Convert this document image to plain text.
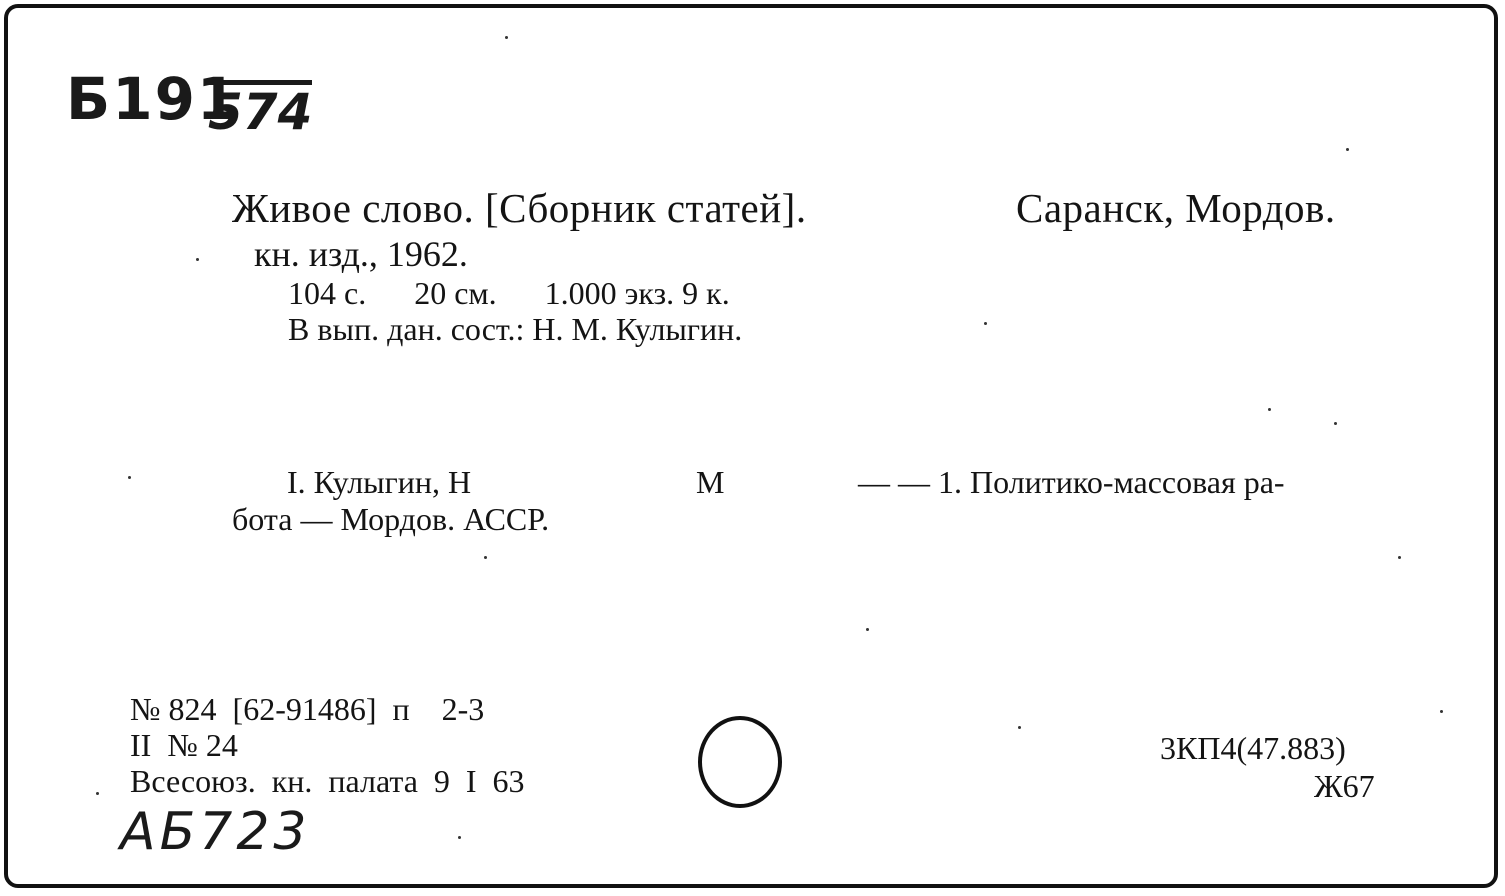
Б191
574
Живое слово. [Сборник статей].	Саранск, Мордов.
кн. изд., 1962.
104 с.      20 см.      1.000 экз. 9 к.
В вып. дан. сост.: Н. М. Кулыгин.
I. Кулыгин, Н	М	— — 1. Политико-массовая ра-
бота — Мордов. АССР.
№ 824  [62-91486]  п    2-3
II  № 24
Всесоюз.  кн.  палата  9  I  63
3КП4(47.883)
Ж67
АБ723
